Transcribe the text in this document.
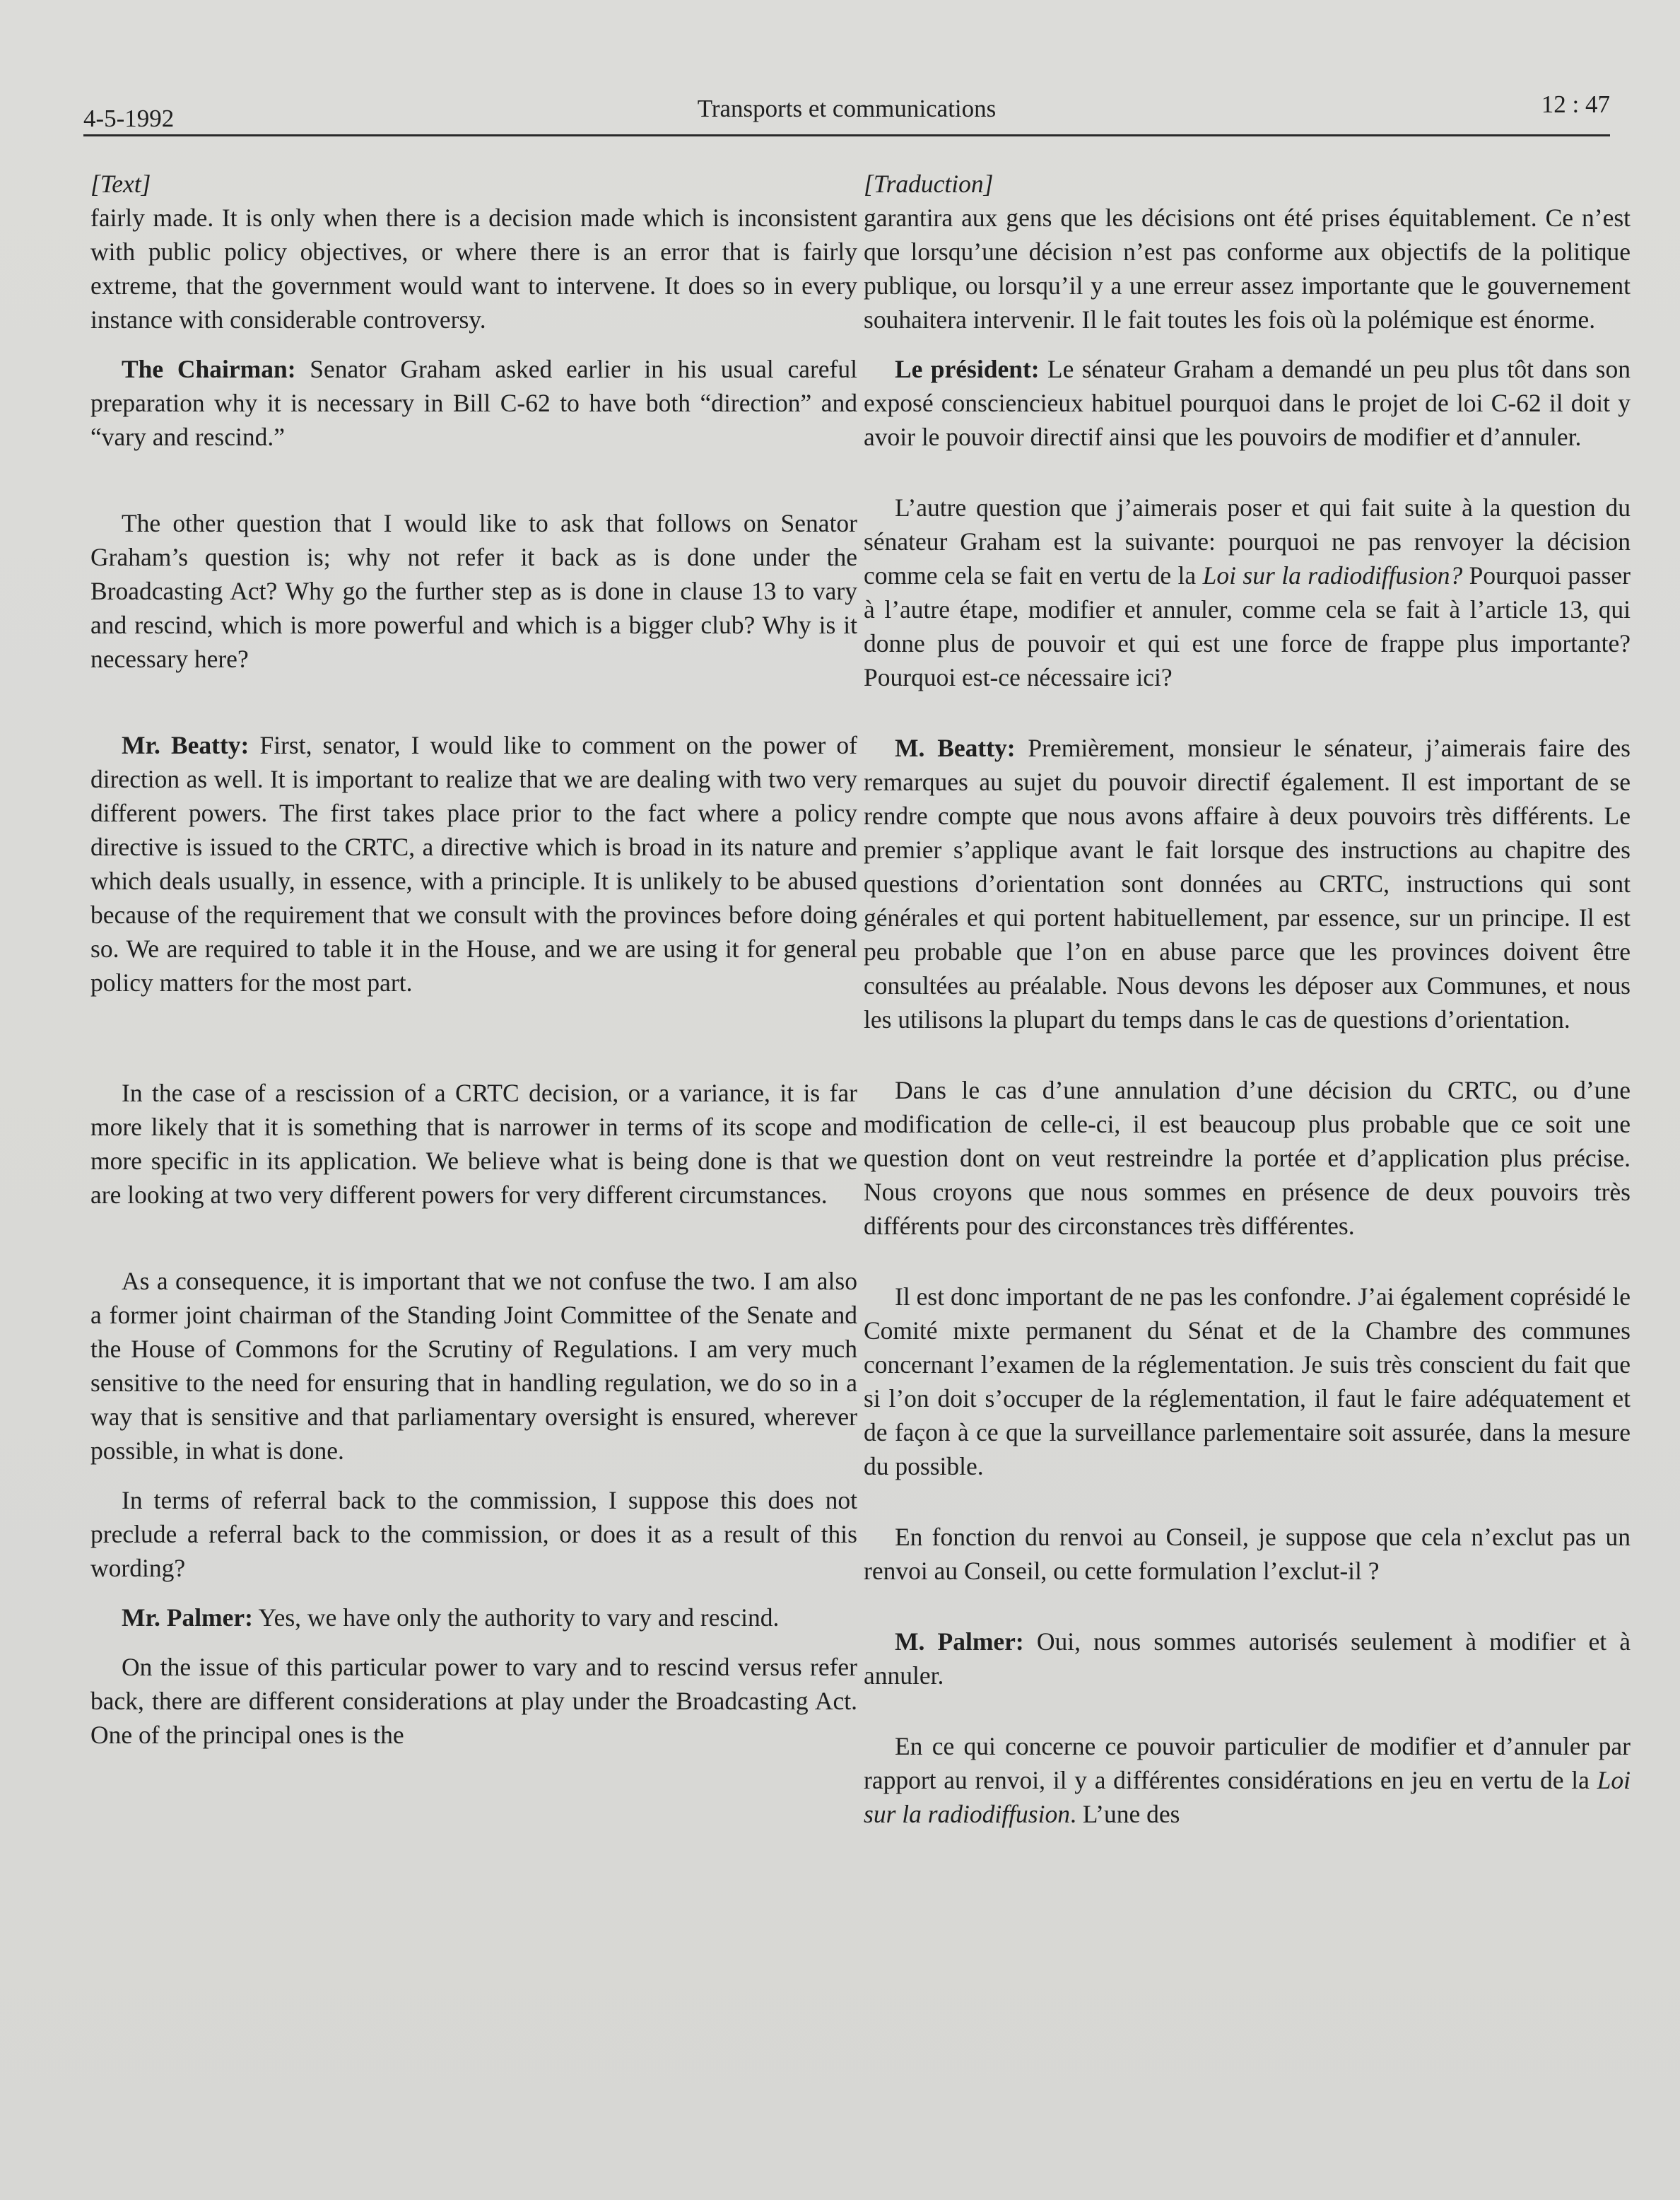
4-5-1992	Transports et communications	12 : 47

[Text]

fairly made. It is only when there is a decision made which is inconsistent with public policy objectives, or where there is an error that is fairly extreme, that the government would want to intervene. It does so in every instance with considerable controversy.

The Chairman: Senator Graham asked earlier in his usual careful preparation why it is necessary in Bill C-62 to have both “direction” and “vary and rescind.”

The other question that I would like to ask that follows on Senator Graham’s question is; why not refer it back as is done under the Broadcasting Act? Why go the further step as is done in clause 13 to vary and rescind, which is more powerful and which is a bigger club? Why is it necessary here?

Mr. Beatty: First, senator, I would like to comment on the power of direction as well. It is important to realize that we are dealing with two very different powers. The first takes place prior to the fact where a policy directive is issued to the CRTC, a directive which is broad in its nature and which deals usually, in essence, with a principle. It is unlikely to be abused because of the requirement that we consult with the provinces before doing so. We are required to table it in the House, and we are using it for general policy matters for the most part.

In the case of a rescission of a CRTC decision, or a variance, it is far more likely that it is something that is narrower in terms of its scope and more specific in its application. We believe what is being done is that we are looking at two very different powers for very different circumstances.

As a consequence, it is important that we not confuse the two. I am also a former joint chairman of the Standing Joint Committee of the Senate and the House of Commons for the Scrutiny of Regulations. I am very much sensitive to the need for ensuring that in handling regulation, we do so in a way that is sensitive and that parliamentary oversight is ensured, wherever possible, in what is done.

In terms of referral back to the commission, I suppose this does not preclude a referral back to the commission, or does it as a result of this wording?

Mr. Palmer: Yes, we have only the authority to vary and rescind.

On the issue of this particular power to vary and to rescind versus refer back, there are different considerations at play under the Broadcasting Act. One of the principal ones is the

[Traduction]

garantira aux gens que les décisions ont été prises équitablement. Ce n’est que lorsqu’une décision n’est pas conforme aux objectifs de la politique publique, ou lorsqu’il y a une erreur assez importante que le gouvernement souhaitera intervenir. Il le fait toutes les fois où la polémique est énorme.

Le président: Le sénateur Graham a demandé un peu plus tôt dans son exposé consciencieux habituel pourquoi dans le projet de loi C-62 il doit y avoir le pouvoir directif ainsi que les pouvoirs de modifier et d’annuler.

L’autre question que j’aimerais poser et qui fait suite à la question du sénateur Graham est la suivante: pourquoi ne pas renvoyer la décision comme cela se fait en vertu de la Loi sur la radiodiffusion? Pourquoi passer à l’autre étape, modifier et annuler, comme cela se fait à l’article 13, qui donne plus de pouvoir et qui est une force de frappe plus importante? Pourquoi est-ce nécessaire ici?

M. Beatty: Premièrement, monsieur le sénateur, j’aimerais faire des remarques au sujet du pouvoir directif également. Il est important de se rendre compte que nous avons affaire à deux pouvoirs très différents. Le premier s’applique avant le fait lorsque des instructions au chapitre des questions d’orientation sont données au CRTC, instructions qui sont générales et qui portent habituellement, par essence, sur un principe. Il est peu probable que l’on en abuse parce que les provinces doivent être consultées au préalable. Nous devons les déposer aux Communes, et nous les utilisons la plupart du temps dans le cas de questions d’orientation.

Dans le cas d’une annulation d’une décision du CRTC, ou d’une modification de celle-ci, il est beaucoup plus probable que ce soit une question dont on veut restreindre la portée et d’application plus précise. Nous croyons que nous sommes en présence de deux pouvoirs très différents pour des circonstances très différentes.

Il est donc important de ne pas les confondre. J’ai également coprésidé le Comité mixte permanent du Sénat et de la Chambre des communes concernant l’examen de la réglementation. Je suis très conscient du fait que si l’on doit s’occuper de la réglementation, il faut le faire adéquatement et de façon à ce que la surveillance parlementaire soit assurée, dans la mesure du possible.

En fonction du renvoi au Conseil, je suppose que cela n’exclut pas un renvoi au Conseil, ou cette formulation l’exclut-il ?

M. Palmer: Oui, nous sommes autorisés seulement à modifier et à annuler.

En ce qui concerne ce pouvoir particulier de modifier et d’annuler par rapport au renvoi, il y a différentes considérations en jeu en vertu de la Loi sur la radiodiffusion. L’une des
